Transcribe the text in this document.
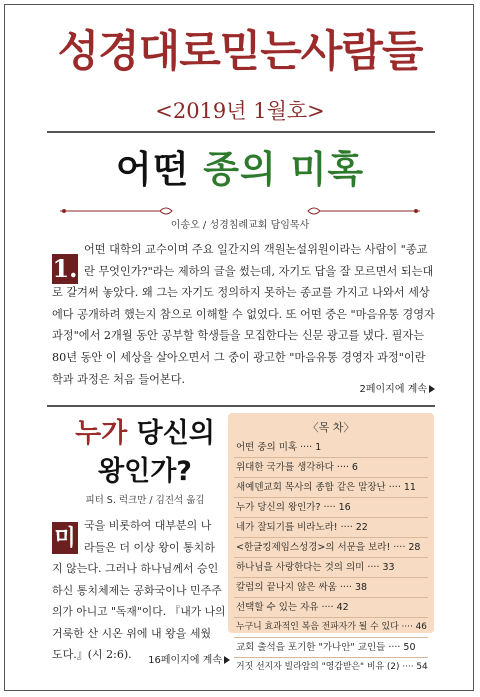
성경대로믿는사람들
<2019년 1월호>
어떤 종의 미혹
이송오 / 성경침례교회 담임목사
1.
어떤 대학의 교수이며 주요 일간지의 객원논설위원이라는 사람이 "종교
란 무엇인가?"라는 제하의 글을 썼는데, 자기도 답을 잘 모르면서 되는대
로 갈겨써 놓았다. 왜 그는 자기도 정의하지 못하는 종교를 가지고 나와서 세상
에다 공개하려 했는지 참으로 이해할 수 없었다. 또 어떤 중은 "마음유통 경영자
과정"에서 2개월 동안 공부할 학생들을 모집한다는 신문 광고를 냈다. 필자는
80년 동안 이 세상을 살아오면서 그 중이 광고한 "마음유통 경영자 과정"이란
학과 과정은 처음 들어본다.
2페이지에 계속
누가 당신의
왕인가?
피터 S. 럭크만 / 김진석 옮김
미 국을 비롯하여 대부분의 나
라들은 더 이상 왕이 통치하
지 않는다. 그러나 하나님께서 승인
하신 통치체제는 공화국이나 민주주
의가 아니고 "독재"이다. 『내가 나의
거룩한 산 시온 위에 내 왕을 세웠
도다.』(시 2:6).	16페이지에 계속
〈목 차〉
어떤 중의 미혹 ···· 1
위대한 국가를 생각하다 ···· 6
새예덴교회 목사의 종합 같은 말장난 ···· 11
누가 당신의 왕인가? ···· 16
네가 잘되기를 비라노라! ···· 22
<한글킹제임스성경>의 서문을 보라! ···· 28
하나님을 사랑한다는 것의 의미 ···· 33
칼럼의 끝나지 않은 싸움 ···· 38
선택할 수 있는 자유 ···· 42
누구니 효과적인 복음 전파자가 될 수 있다 ···· 46
교회 출석을 포기한 "가나안" 교인들 ···· 50
거짓 선지자 빌라암의 "영감받은" 비유 (2) ···· 54
